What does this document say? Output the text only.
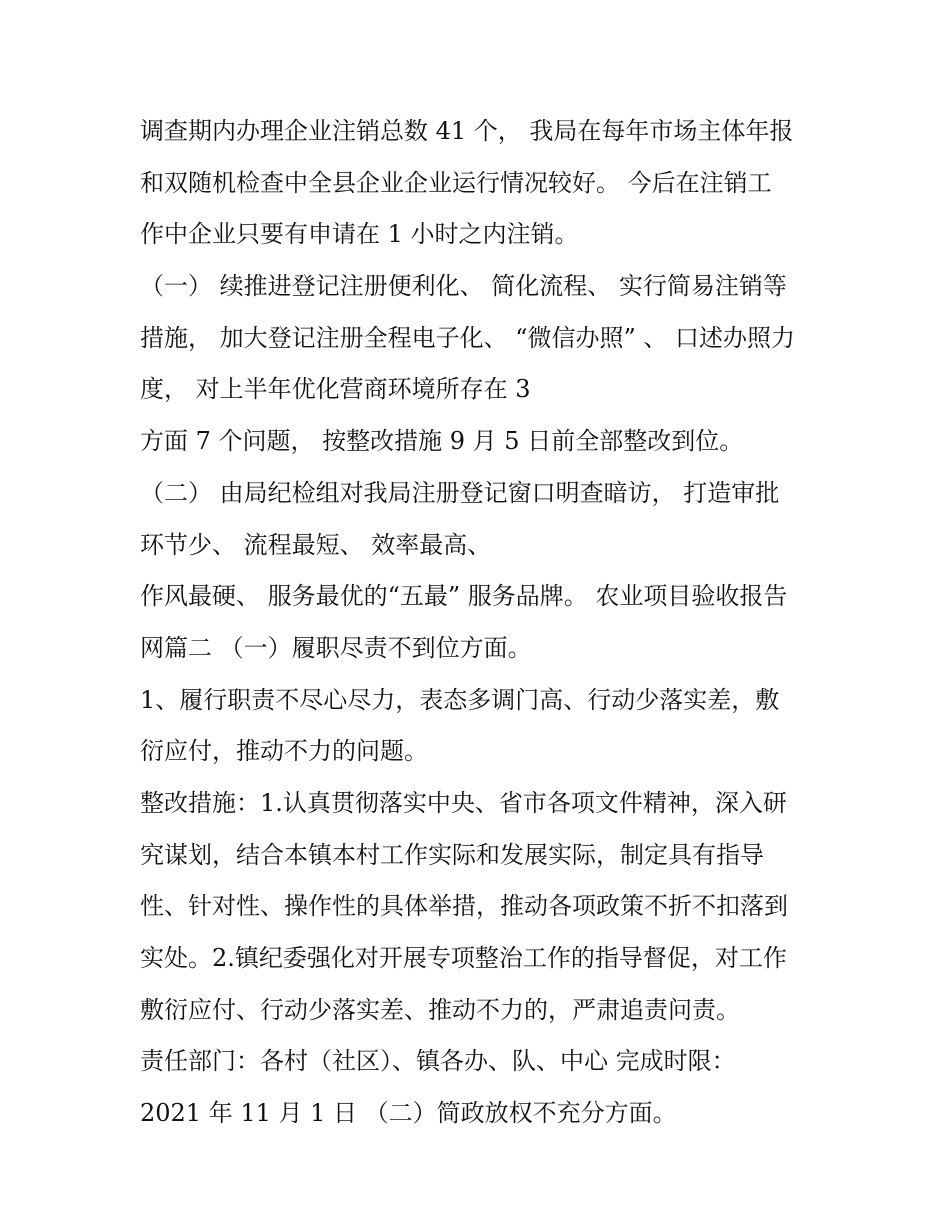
调查期内办理企业注销总数 41 个， 我局在每年市场主体年报
和双随机检查中全县企业企业运行情况较好。 今后在注销工
作中企业只要有申请在 1 小时之内注销。
（一） 续推进登记注册便利化、 简化流程、 实行简易注销等
措施， 加大登记注册全程电子化、 “微信办照” 、 口述办照力
度， 对上半年优化营商环境所存在 3
方面 7 个问题， 按整改措施 9 月 5 日前全部整改到位。
（二） 由局纪检组对我局注册登记窗口明查暗访， 打造审批
环节少、 流程最短、 效率最高、
作风最硬、 服务最优的“五最” 服务品牌。 农业项目验收报告
网篇二 （一）履职尽责不到位方面。
1、履行职责不尽心尽力，表态多调门高、行动少落实差，敷
衍应付，推动不力的问题。
整改措施：1.认真贯彻落实中央、省市各项文件精神，深入研
究谋划，结合本镇本村工作实际和发展实际，制定具有指导
性、针对性、操作性的具体举措，推动各项政策不折不扣落到
实处。2.镇纪委强化对开展专项整治工作的指导督促，对工作
敷衍应付、行动少落实差、推动不力的，严肃追责问责。
责任部门：各村（社区）、镇各办、队、中心 完成时限：
2021 年 11 月 1 日 （二）简政放权不充分方面。
